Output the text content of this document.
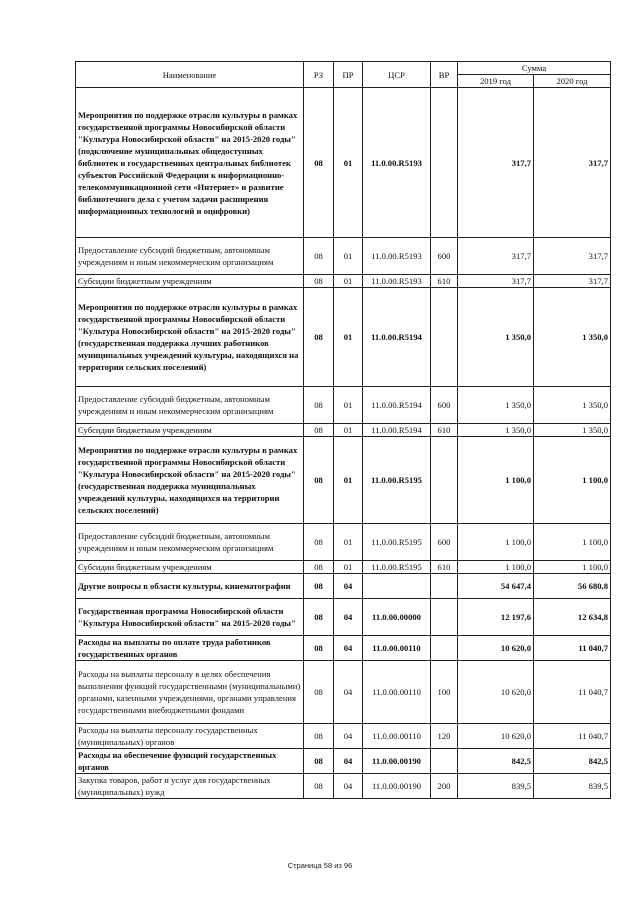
Наименование	РЗ	ПР	ЦСР	ВР	Сумма	
					2019 год	2020 год
Мероприятия по поддержке отрасли культуры в рамках государственной программы Новосибирской области "Культура Новосибирской области" на 2015-2020 годы" (подключение муниципальных общедоступных библиотек и государственных центральных библиотек субъектов Российской Федерации к информационно-телекоммуникационной сети «Интернет» и развитие библиотечного дела с учетом задачи расширения информационных технологий и оцифровки)	08	01	11.0.00.R5193		317,7	317,7
Предоставление субсидий бюджетным, автономным учреждениям и иным некоммерческим организациям	08	01	11.0.00.R5193	600	317,7	317,7
Субсидии бюджетным учреждениям	08	01	11.0.00.R5193	610	317,7	317,7
Мероприятия по поддержке отрасли культуры в рамках государственной программы Новосибирской области "Культура Новосибирской области" на 2015-2020 годы" (государственная поддержка лучших работников муниципальных учреждений культуры, находящихся на территории сельских поселений)	08	01	11.0.00.R5194		1 350,0	1 350,0
Предоставление субсидий бюджетным, автономным учреждениям и иным некоммерческим организациям	08	01	11.0.00.R5194	600	1 350,0	1 350,0
Субсидии бюджетным учреждениям	08	01	11.0.00.R5194	610	1 350,0	1 350,0
Мероприятия по поддержке отрасли культуры в рамках государственной программы Новосибирской области "Культура Новосибирской области" на 2015-2020 годы" (государственная поддержка муниципальных учреждений культуры, находящихся на территории сельских поселений)	08	01	11.0.00.R5195		1 100,0	1 100,0
Предоставление субсидий бюджетным, автономным учреждениям и иным некоммерческим организациям	08	01	11.0.00.R5195	600	1 100,0	1 100,0
Субсидии бюджетным учреждениям	08	01	11.0.00.R5195	610	1 100,0	1 100,0
Другие вопросы в области культуры, кинематографии	08	04			54 647,4	56 680,8
Государственная программа Новосибирской области "Культура Новосибирской области" на 2015-2020 годы"	08	04	11.0.00.00000		12 197,6	12 634,8
Расходы на выплаты по оплате труда работников государственных органов	08	04	11.0.00.00110		10 620,0	11 040,7
Расходы на выплаты персоналу в целях обеспечения выполнения функций государственными (муниципальными) органами, казенными учреждениями, органами управления государственными внебюджетными фондами	08	04	11.0.00.00110	100	10 620,0	11 040,7
Расходы на выплаты персоналу государственных (муниципальных) органов	08	04	11.0.00.00110	120	10 620,0	11 040,7
Расходы на обеспечение функций государственных органов	08	04	11.0.00.00190		842,5	842,5
Закупка товаров, работ и услуг для государственных (муниципальных) нужд	08	04	11.0.00.00190	200	839,5	839,5
Страница 58 из 96
